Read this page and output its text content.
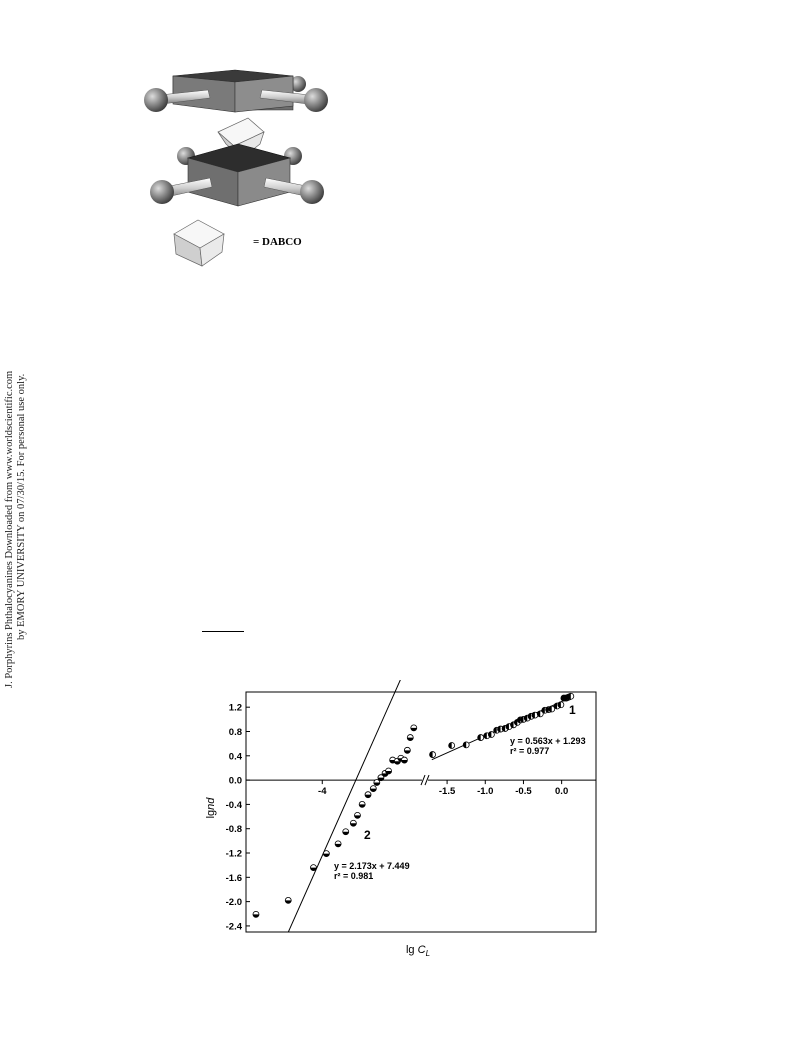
J. Porphyrins Phthalocyanines Downloaded from www.worldscientific.com by EMORY UNIVERSITY on 07/30/15. For personal use only.
= DABCO
1.2
0.8
0.4
0.0
-0.4
-0.8
-1.2
-1.6
-2.0
-2.4
-4	-1.5 -1.0 -0.5 0.0
lgnd
$\lg C_L$
1
y = 0.563x + 1.293
r² = 0.977
2
y = 2.173x + 7.449
r² = 0.981
